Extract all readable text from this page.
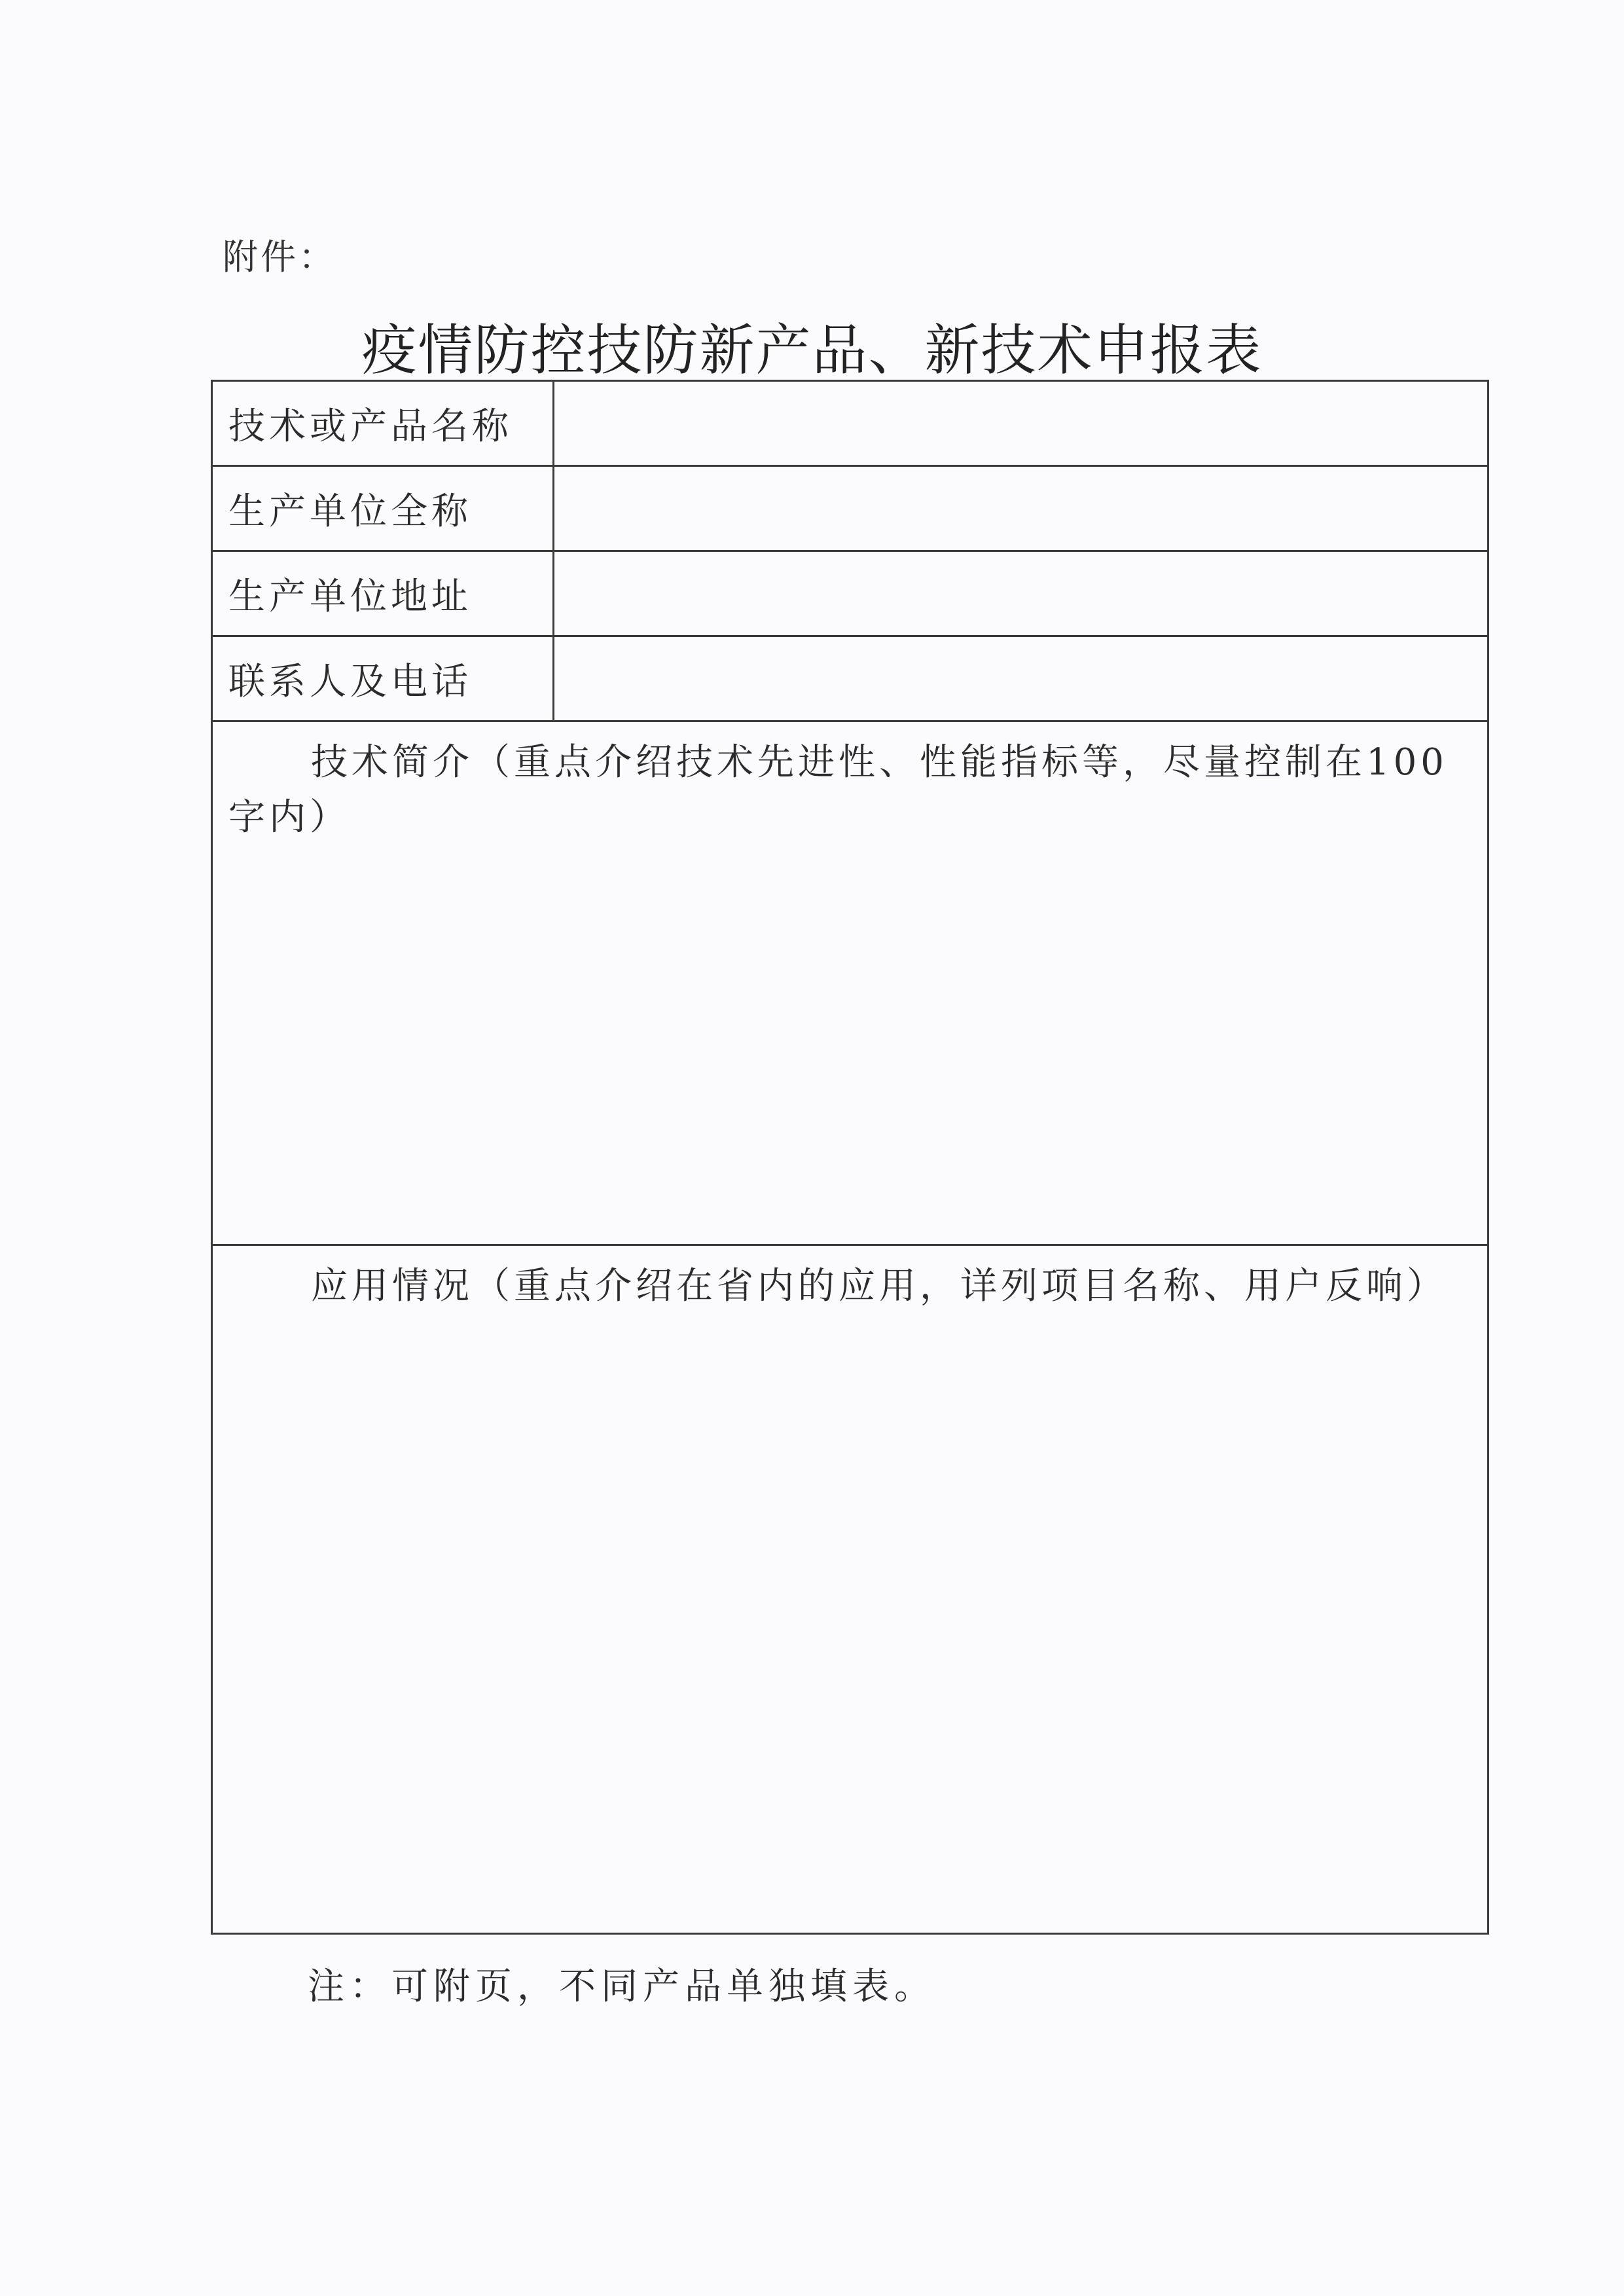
附件：
疫情防控技防新产品、新技术申报表
技术或产品名称
生产单位全称
生产单位地址
联系人及电话
技术简介（重点介绍技术先进性、性能指标等，尽量控制在100字内）
应用情况（重点介绍在省内的应用，详列项目名称、用户反响）
注：可附页，不同产品单独填表。
